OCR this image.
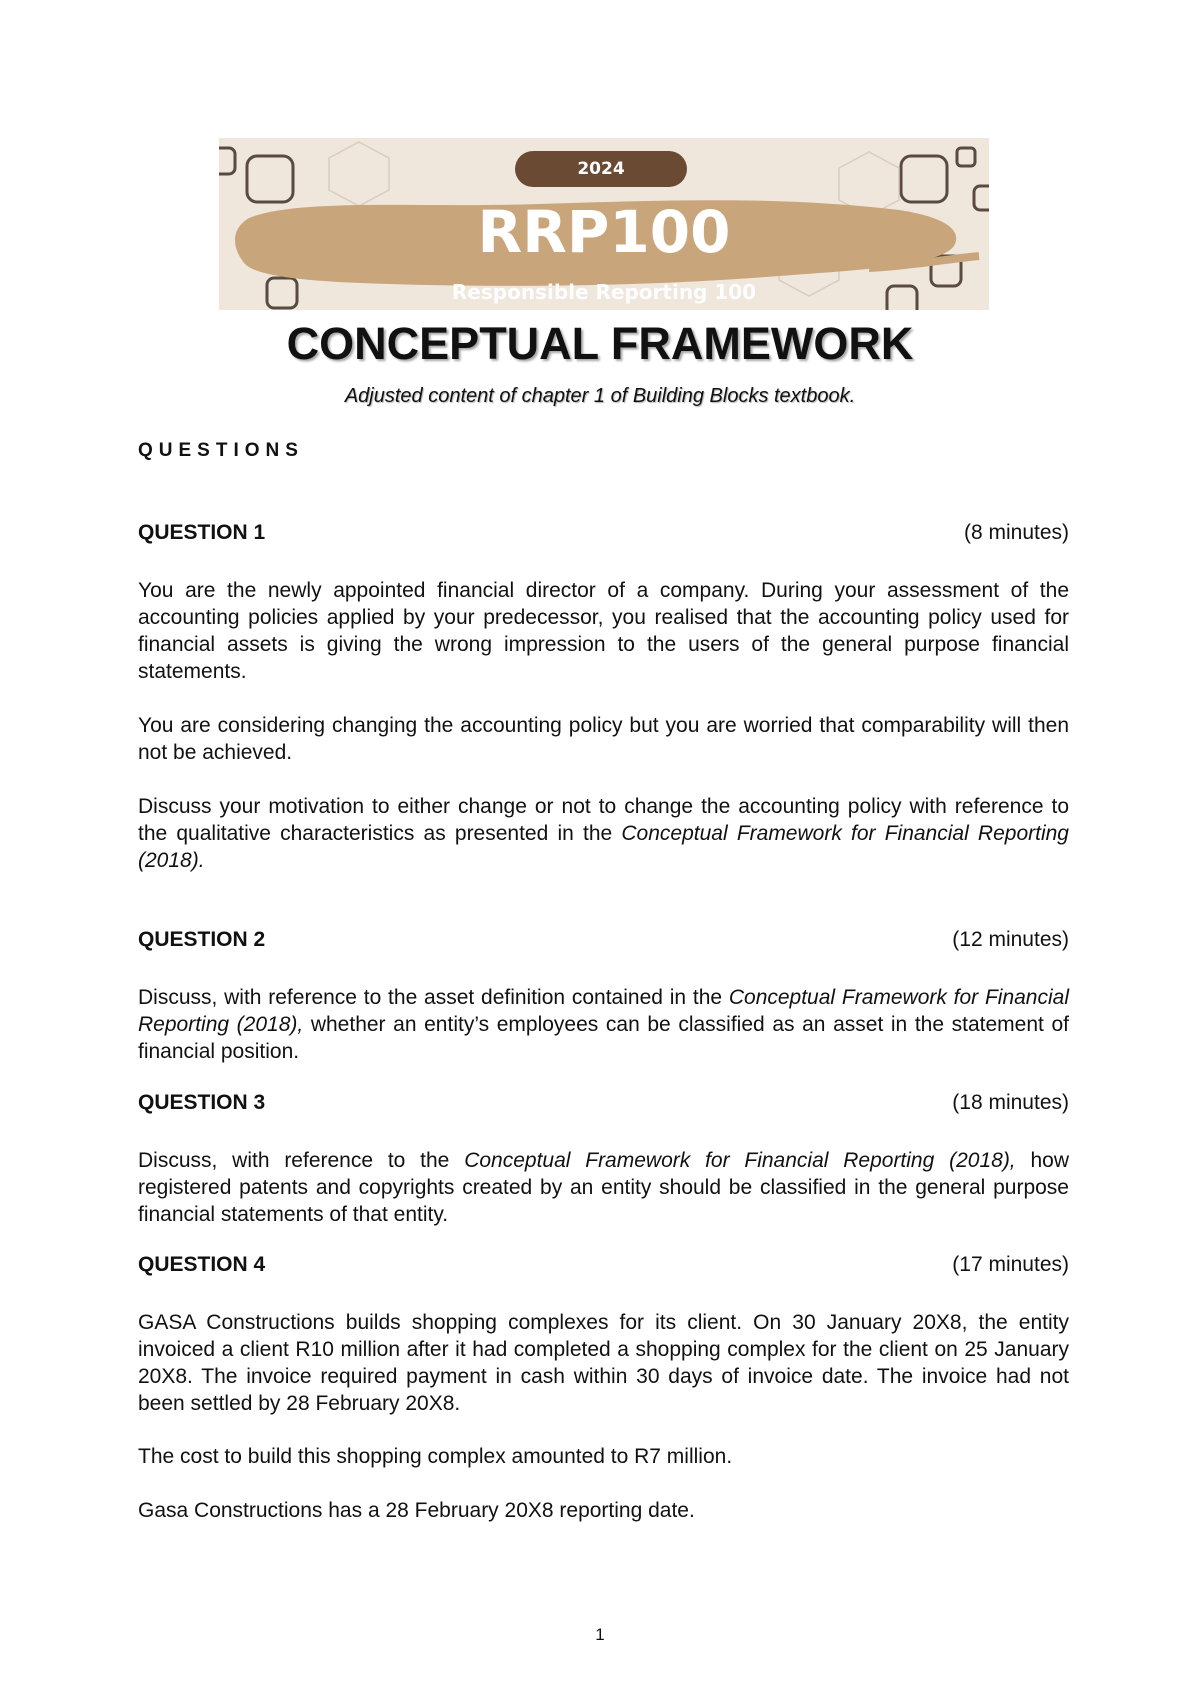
2024
RRP100
Responsible Reporting 100
CONCEPTUAL FRAMEWORK
Adjusted content of chapter 1 of Building Blocks textbook.
QUESTIONS
QUESTION 1	(8 minutes)

You are the newly appointed financial director of a company. During your assessment of the accounting policies applied by your predecessor, you realised that the accounting policy used for financial assets is giving the wrong impression to the users of the general purpose financial statements.

You are considering changing the accounting policy but you are worried that comparability will then not be achieved.

Discuss your motivation to either change or not to change the accounting policy with reference to the qualitative characteristics as presented in the Conceptual Framework for Financial Reporting (2018).

QUESTION 2	(12 minutes)

Discuss, with reference to the asset definition contained in the Conceptual Framework for Financial Reporting (2018), whether an entity’s employees can be classified as an asset in the statement of financial position.

QUESTION 3	(18 minutes)

Discuss, with reference to the Conceptual Framework for Financial Reporting (2018), how registered patents and copyrights created by an entity should be classified in the general purpose financial statements of that entity.

QUESTION 4	(17 minutes)

GASA Constructions builds shopping complexes for its client. On 30 January 20X8, the entity invoiced a client R10 million after it had completed a shopping complex for the client on 25 January 20X8. The invoice required payment in cash within 30 days of invoice date. The invoice had not been settled by 28 February 20X8.

The cost to build this shopping complex amounted to R7 million.

Gasa Constructions has a 28 February 20X8 reporting date.

1
